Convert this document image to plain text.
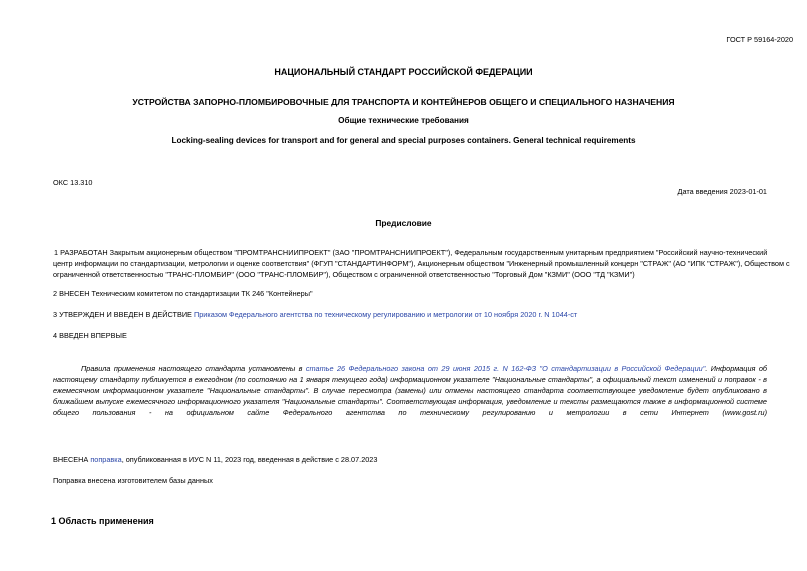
ГОСТ Р 59164-2020
НАЦИОНАЛЬНЫЙ СТАНДАРТ РОССИЙСКОЙ ФЕДЕРАЦИИ
УСТРОЙСТВА ЗАПОРНО-ПЛОМБИРОВОЧНЫЕ ДЛЯ ТРАНСПОРТА И КОНТЕЙНЕРОВ ОБЩЕГО И СПЕЦИАЛЬНОГО НАЗНАЧЕНИЯ
Общие технические требования
Locking-sealing devices for transport and for general and special purposes containers. General technical requirements
ОКС 13.310
Дата введения 2023-01-01
Предисловие
1 РАЗРАБОТАН Закрытым акционерным обществом "ПРОМТРАНСНИИПРОЕКТ" (ЗАО "ПРОМТРАНСНИИПРОЕКТ"), Федеральным государственным унитарным предприятием "Российский научно-технический
центр информации по стандартизации, метрологии и оценке соответствия" (ФГУП "СТАНДАРТИНФОРМ"), Акционерным обществом "Инженерный промышленный концерн "СТРАЖ" (АО "ИПК "СТРАЖ"), Обществом с
ограниченной ответственностью "ТРАНС-ПЛОМБИР" (ООО "ТРАНС-ПЛОМБИР"), Обществом с ограниченной ответственностью "Торговый Дом "КЗМИ" (ООО "ТД "КЗМИ")
2 ВНЕСЕН Техническим комитетом по стандартизации ТК 246 "Контейнеры"
3 УТВЕРЖДЕН И ВВЕДЕН В ДЕЙСТВИЕ Приказом Федерального агентства по техническому регулированию и метрологии от 10 ноября 2020 г. N 1044-ст
4 ВВЕДЕН ВПЕРВЫЕ
Правила применения настоящего стандарта установлены в статье 26 Федерального закона от 29 июня 2015 г. N 162-ФЗ "О стандартизации в Российской Федерации". Информация об
настоящему стандарту публикуется в ежегодном (по состоянию на 1 января текущего года) информационном указателе "Национальные стандарты", а официальный текст изменений и поправок - в
ежемесячном информационном указателе "Национальные стандарты". В случае пересмотра (замены) или отмены настоящего стандарта соответствующее уведомление будет опубликовано в
ближайшем выпуске ежемесячного информационного указателя "Национальные стандарты". Соответствующая информация, уведомление и тексты размещаются также в информационной системе
общего пользования - на официальном сайте Федерального агентства по техническому регулированию и метрологии в сети Интернет (www.gost.ru)
ВНЕСЕНА поправка, опубликованная в ИУС N 11, 2023 год, введенная в действие с 28.07.2023
Поправка внесена изготовителем базы данных
1 Область применения
